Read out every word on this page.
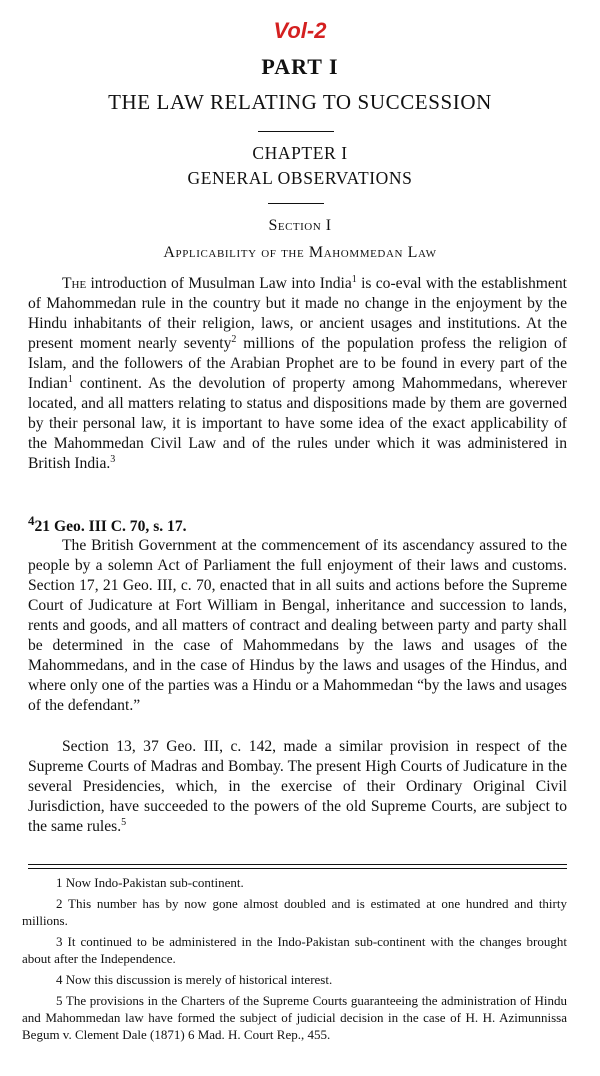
Vol-2
PART I
THE LAW RELATING TO SUCCESSION
CHAPTER I
GENERAL OBSERVATIONS
Section I
Applicability of the Mahommedan Law

The introduction of Musulman Law into India$^1$ is co-eval with the establishment of Mahommedan rule in the country but it made no change in the enjoyment by the Hindu inhabitants of their religion, laws, or ancient usages and institutions. At the present moment nearly seventy$^2$ millions of the population profess the religion of Islam, and the followers of the Arabian Prophet are to be found in every part of the Indian$^1$ continent. As the devolution of property among Mahommedans, wherever located, and all matters relating to status and dispositions made by them are governed by their personal law, it is important to have some idea of the exact applicability of the Mahommedan Civil Law and of the rules under which it was administered in British India.$^3$

$^4$21 Geo. III C. 70, s. 17.

The British Government at the commencement of its ascendancy assured to the people by a solemn Act of Parliament the full enjoyment of their laws and customs. Section 17, 21 Geo. III, c. 70, enacted that in all suits and actions before the Supreme Court of Judicature at Fort William in Bengal, inheritance and succession to lands, rents and goods, and all matters of contract and dealing between party and party shall be determined in the case of Mahommedans by the laws and usages of the Mahommedans, and in the case of Hindus by the laws and usages of the Hindus, and where only one of the parties was a Hindu or a Mahommedan “by the laws and usages of the defendant.”

Section 13, 37 Geo. III, c. 142, made a similar provision in respect of the Supreme Courts of Madras and Bombay. The present High Courts of Judicature in the several Presidencies, which, in the exercise of their Ordinary Original Civil Jurisdiction, have succeeded to the powers of the old Supreme Courts, are subject to the same rules.$^5$

1 Now Indo-Pakistan sub-continent.

2 This number has by now gone almost doubled and is estimated at one hundred and thirty millions.

3 It continued to be administered in the Indo-Pakistan sub-continent with the changes brought about after the Independence.

4 Now this discussion is merely of historical interest.

5 The provisions in the Charters of the Supreme Courts guaranteeing the administration of Hindu and Mahommedan law have formed the subject of judicial decision in the case of H. H. Azimunnissa Begum v. Clement Dale (1871) 6 Mad. H. Court Rep., 455.
